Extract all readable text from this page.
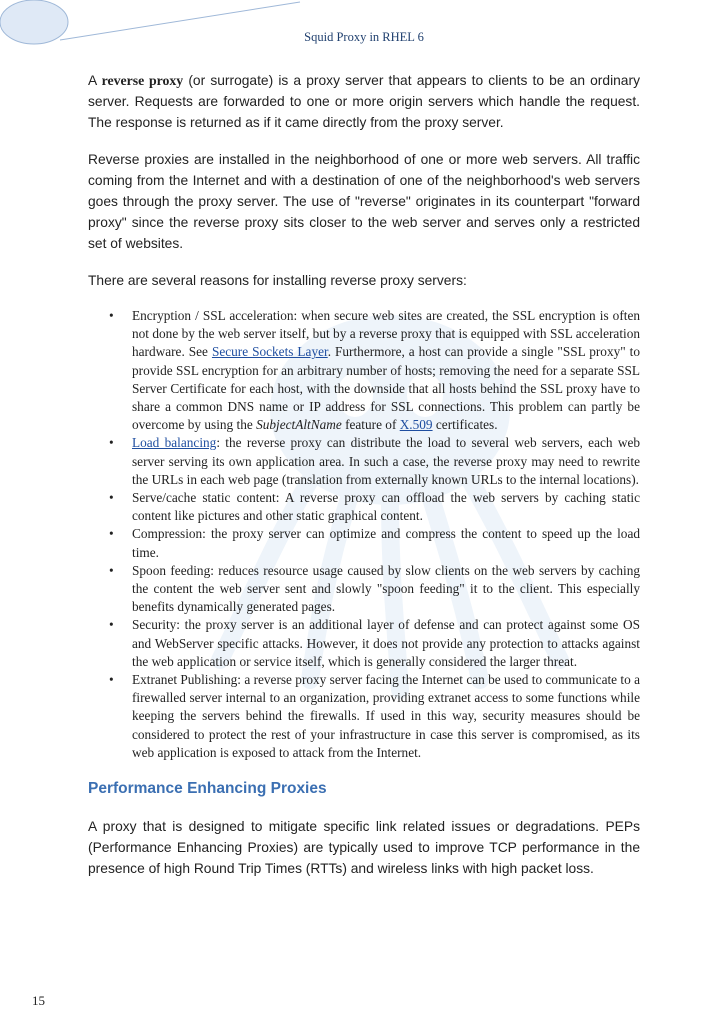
Squid Proxy in RHEL 6

A reverse proxy (or surrogate) is a proxy server that appears to clients to be an ordinary server. Requests are forwarded to one or more origin servers which handle the request. The response is returned as if it came directly from the proxy server.

Reverse proxies are installed in the neighborhood of one or more web servers. All traffic coming from the Internet and with a destination of one of the neighborhood's web servers goes through the proxy server. The use of "reverse" originates in its counterpart "forward proxy" since the reverse proxy sits closer to the web server and serves only a restricted set of websites.

There are several reasons for installing reverse proxy servers:

• Encryption / SSL acceleration: when secure web sites are created, the SSL encryption is often not done by the web server itself, but by a reverse proxy that is equipped with SSL acceleration hardware. See Secure Sockets Layer. Furthermore, a host can provide a single "SSL proxy" to provide SSL encryption for an arbitrary number of hosts; removing the need for a separate SSL Server Certificate for each host, with the downside that all hosts behind the SSL proxy have to share a common DNS name or IP address for SSL connections. This problem can partly be overcome by using the SubjectAltName feature of X.509 certificates.
• Load balancing: the reverse proxy can distribute the load to several web servers, each web server serving its own application area. In such a case, the reverse proxy may need to rewrite the URLs in each web page (translation from externally known URLs to the internal locations).
• Serve/cache static content: A reverse proxy can offload the web servers by caching static content like pictures and other static graphical content.
• Compression: the proxy server can optimize and compress the content to speed up the load time.
• Spoon feeding: reduces resource usage caused by slow clients on the web servers by caching the content the web server sent and slowly "spoon feeding" it to the client. This especially benefits dynamically generated pages.
• Security: the proxy server is an additional layer of defense and can protect against some OS and WebServer specific attacks. However, it does not provide any protection to attacks against the web application or service itself, which is generally considered the larger threat.
• Extranet Publishing: a reverse proxy server facing the Internet can be used to communicate to a firewalled server internal to an organization, providing extranet access to some functions while keeping the servers behind the firewalls. If used in this way, security measures should be considered to protect the rest of your infrastructure in case this server is compromised, as its web application is exposed to attack from the Internet.
Performance Enhancing Proxies

A proxy that is designed to mitigate specific link related issues or degradations. PEPs (Performance Enhancing Proxies) are typically used to improve TCP performance in the presence of high Round Trip Times (RTTs) and wireless links with high packet loss.

15
